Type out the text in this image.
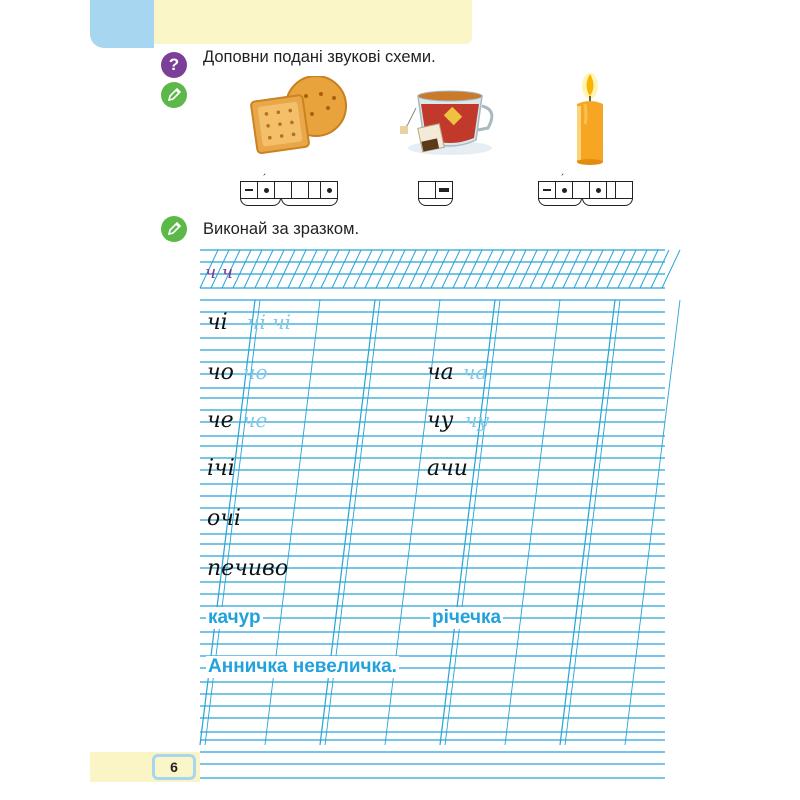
?	Доповни подані звукові схеми.
´	´
Виконай за зразком.
ч ч
чі чі чі
чо чо	ча ча
че че	чу чу
ічі	ачи
очі
печиво
качур	річечка
Анничка невеличка.
6
